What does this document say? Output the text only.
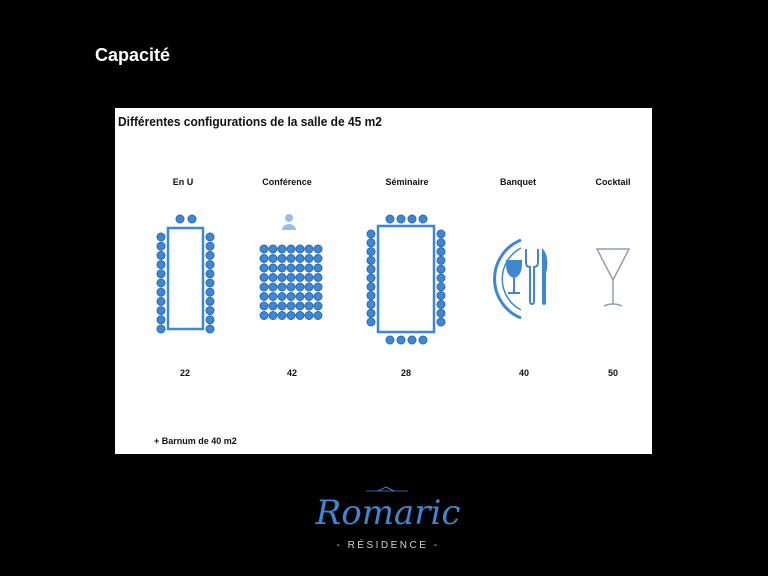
Capacité
Différentes configurations de la salle de 45 m2
En U	Conférence	Séminaire	Banquet	Cocktail
22	42	28	40	50
+ Barnum de 40 m2
Romaric
- RÉSIDENCE -
